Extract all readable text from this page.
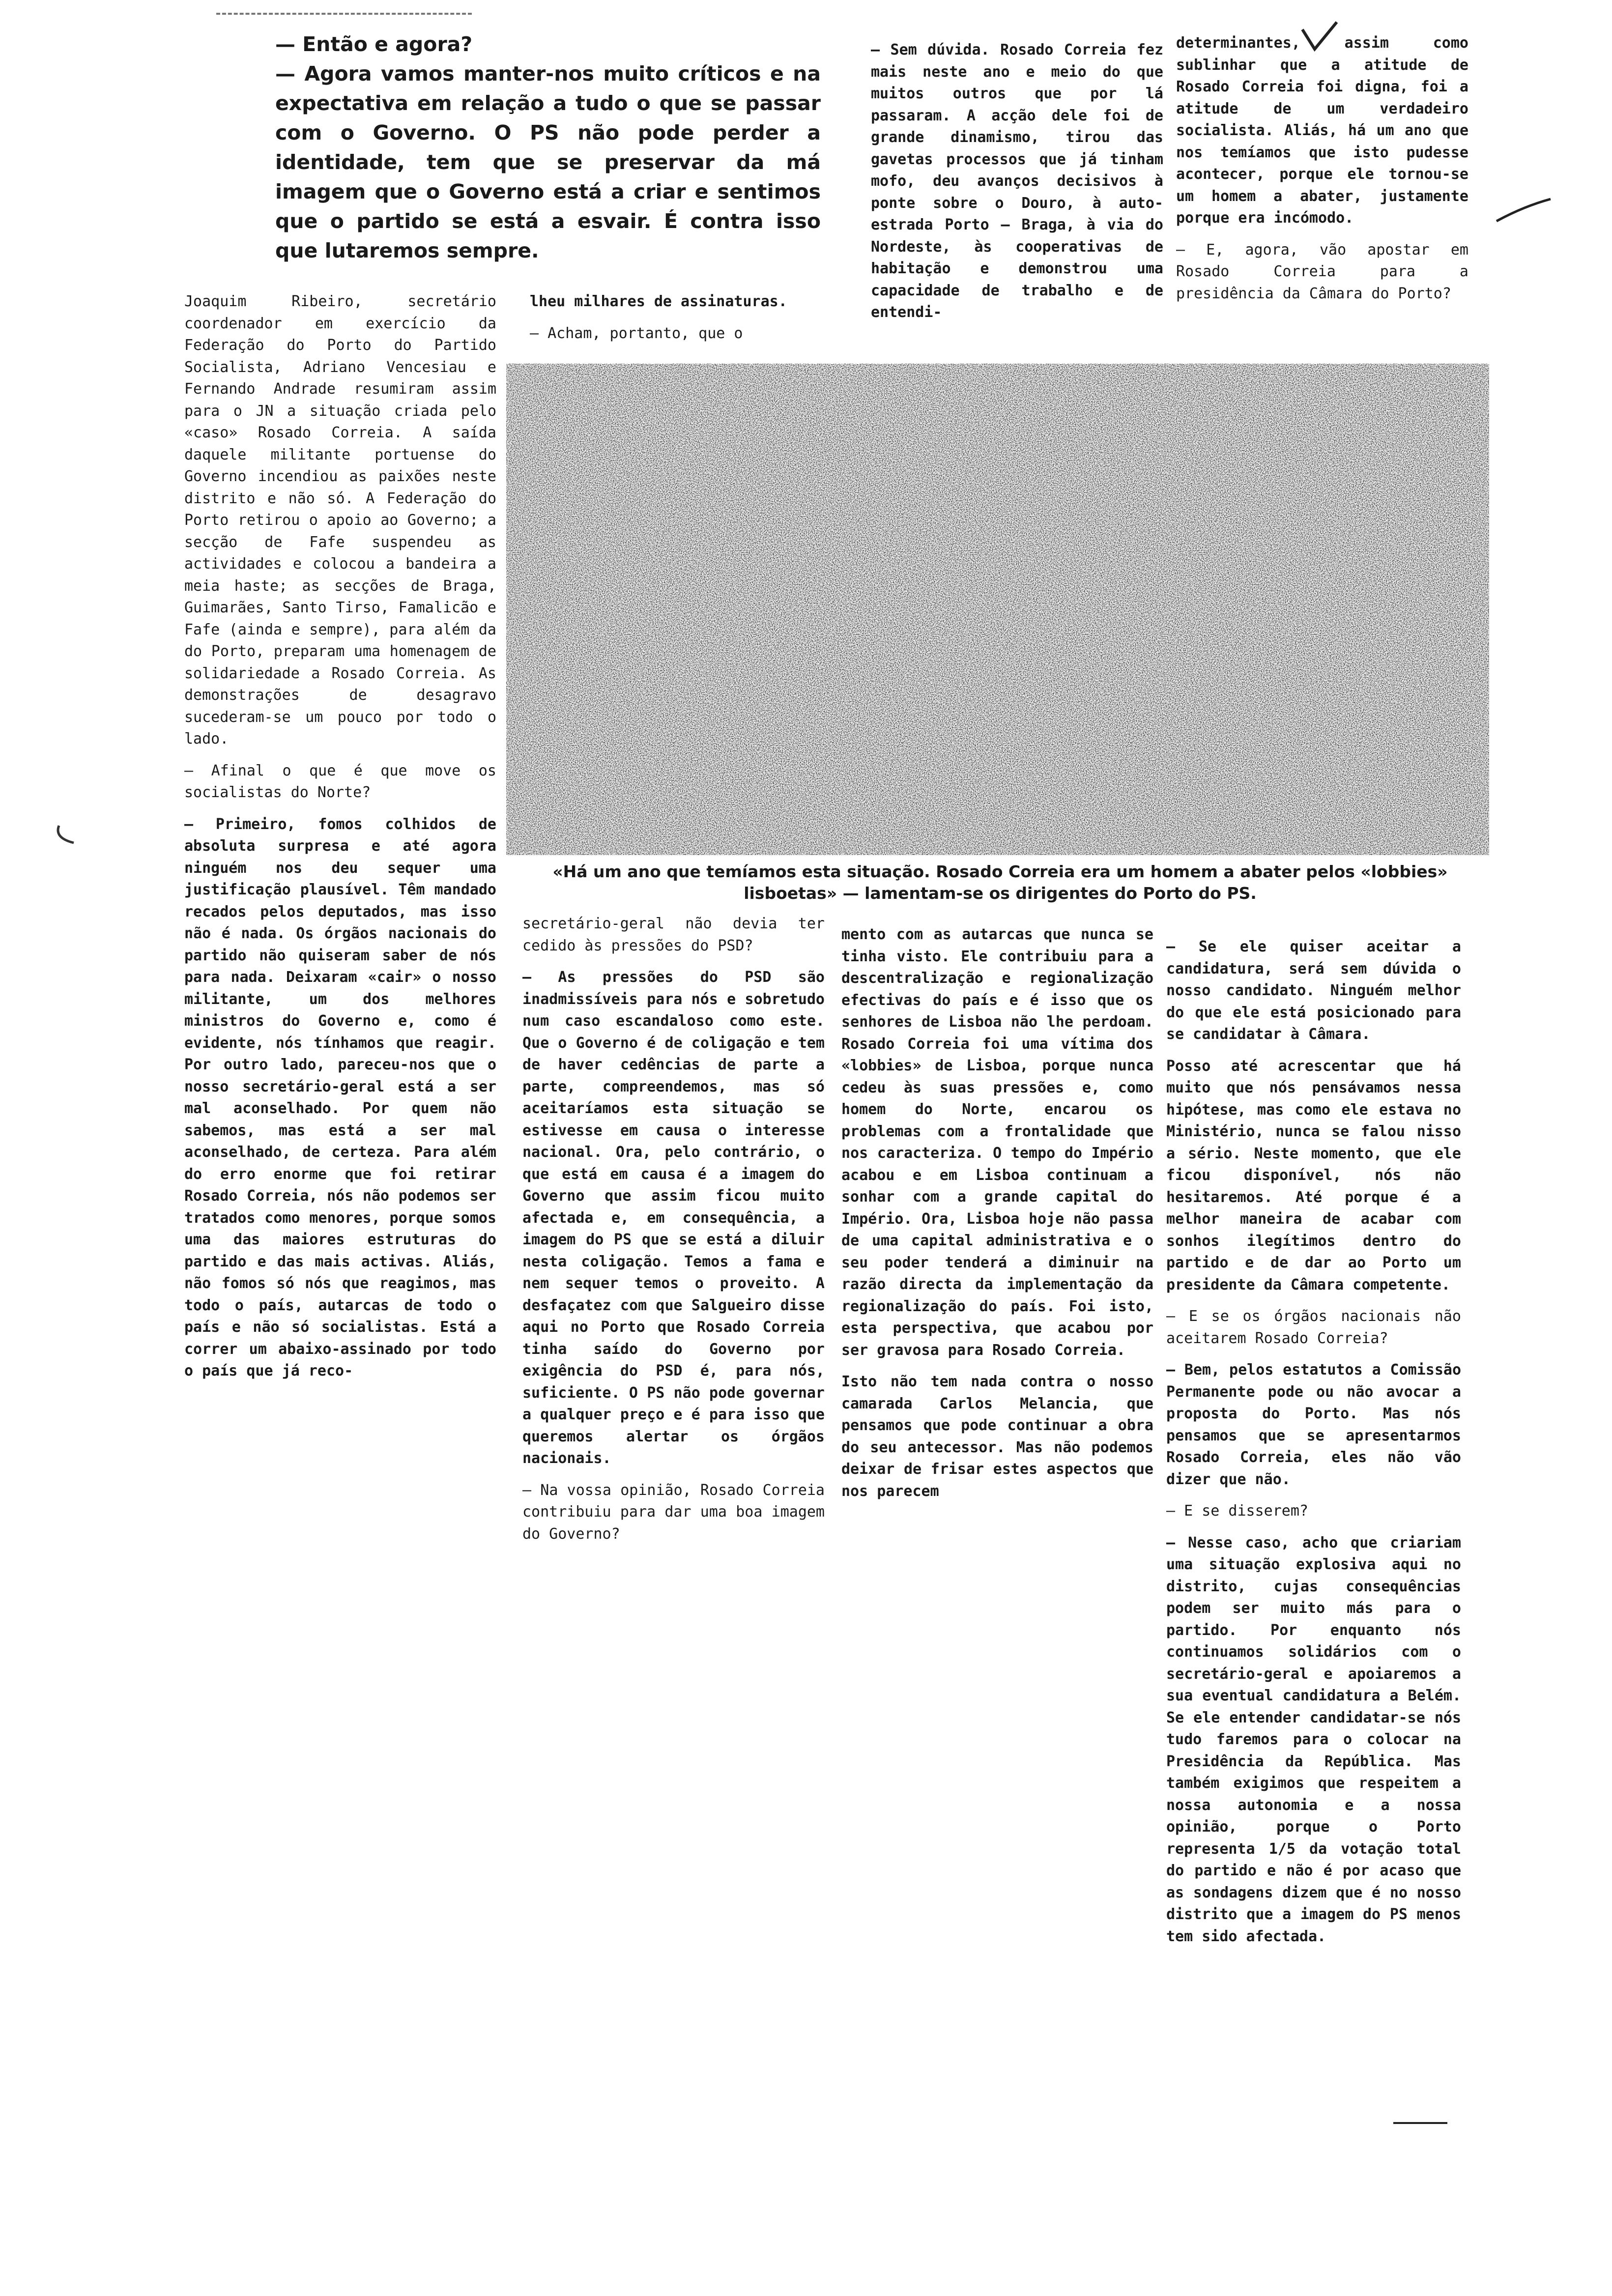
— Então e agora?

— Agora vamos manter-nos muito críticos e na expectativa em relação a tudo o que se passar com o Governo. O PS não pode perder a identidade, tem que se preservar da má imagem que o Governo está a criar e sentimos que o partido se está a esvair. É contra isso que lutaremos sempre.

Joaquim Ribeiro, secretário coordenador em exercício da Federação do Porto do Partido Socialista, Adriano Vencesiau e Fernando Andrade resumiram assim para o JN a situação criada pelo «caso» Rosado Correia. A saída daquele militante portuense do Governo incendiou as paixões neste distrito e não só. A Federação do Porto retirou o apoio ao Governo; a secção de Fafe suspendeu as actividades e colocou a bandeira a meia haste; as secções de Braga, Guimarães, Santo Tirso, Famalicão e Fafe (ainda e sempre), para além da do Porto, preparam uma homenagem de solidariedade a Rosado Correia. As demonstrações de desagravo sucederam-se um pouco por todo o lado.

— Afinal o que é que move os socialistas do Norte?

— Primeiro, fomos colhidos de absoluta surpresa e até agora ninguém nos deu sequer uma justificação plausível. Têm mandado recados pelos deputados, mas isso não é nada. Os órgãos nacionais do partido não quiseram saber de nós para nada. Deixaram «cair» o nosso militante, um dos melhores ministros do Governo e, como é evidente, nós tínhamos que reagir. Por outro lado, pareceu-nos que o nosso secretário-geral está a ser mal aconselhado. Por quem não sabemos, mas está a ser mal aconselhado, de certeza. Para além do erro enorme que foi retirar Rosado Correia, nós não podemos ser tratados como menores, porque somos uma das maiores estruturas do partido e das mais activas. Aliás, não fomos só nós que reagimos, mas todo o país, autarcas de todo o país e não só socialistas. Está a correr um abaixo-assinado por todo o país que já reco-

lheu milhares de assinaturas.

— Acham, portanto, que o

secretário-geral não devia ter cedido às pressões do PSD?

— As pressões do PSD são inadmissíveis para nós e sobretudo num caso escandaloso como este. Que o Governo é de coligação e tem de haver cedências de parte a parte, compreendemos, mas só aceitaríamos esta situação se estivesse em causa o interesse nacional. Ora, pelo contrário, o que está em causa é a imagem do Governo que assim ficou muito afectada e, em consequência, a imagem do PS que se está a diluir nesta coligação. Temos a fama e nem sequer temos o proveito. A desfaçatez com que Salgueiro disse aqui no Porto que Rosado Correia tinha saído do Governo por exigência do PSD é, para nós, suficiente. O PS não pode governar a qualquer preço e é para isso que queremos alertar os órgãos nacionais.

— Na vossa opinião, Rosado Correia contribuiu para dar uma boa imagem do Governo?

— Sem dúvida. Rosado Correia fez mais neste ano e meio do que muitos outros que por lá passaram. A acção dele foi de grande dinamismo, tirou das gavetas processos que já tinham mofo, deu avanços decisivos à ponte sobre o Douro, à auto-estrada Porto – Braga, à via do Nordeste, às cooperativas de habitação e demonstrou uma capacidade de trabalho e de entendi-

mento com as autarcas que nunca se tinha visto. Ele contribuiu para a descentralização e regionalização efectivas do país e é isso que os senhores de Lisboa não lhe perdoam. Rosado Correia foi uma vítima dos «lobbies» de Lisboa, porque nunca cedeu às suas pressões e, como homem do Norte, encarou os problemas com a frontalidade que nos caracteriza. O tempo do Império acabou e em Lisboa continuam a sonhar com a grande capital do Império. Ora, Lisboa hoje não passa de uma capital administrativa e o seu poder tenderá a diminuir na razão directa da implementação da regionalização do país. Foi isto, esta perspectiva, que acabou por ser gravosa para Rosado Correia.

Isto não tem nada contra o nosso camarada Carlos Melancia, que pensamos que pode continuar a obra do seu antecessor. Mas não podemos deixar de frisar estes aspectos que nos parecem

determinantes, assim como sublinhar que a atitude de Rosado Correia foi digna, foi a atitude de um verdadeiro socialista. Aliás, há um ano que nos temíamos que isto pudesse acontecer, porque ele tornou-se um homem a abater, justamente porque era incómodo.

— E, agora, vão apostar em Rosado Correia para a presidência da Câmara do Porto?

— Se ele quiser aceitar a candidatura, será sem dúvida o nosso candidato. Ninguém melhor do que ele está posicionado para se candidatar à Câmara.

Posso até acrescentar que há muito que nós pensávamos nessa hipótese, mas como ele estava no Ministério, nunca se falou nisso a sério. Neste momento, que ele ficou disponível, nós não hesitaremos. Até porque é a melhor maneira de acabar com sonhos ilegítimos dentro do partido e de dar ao Porto um presidente da Câmara competente.

— E se os órgãos nacionais não aceitarem Rosado Correia?

— Bem, pelos estatutos a Comissão Permanente pode ou não avocar a proposta do Porto. Mas nós pensamos que se apresentarmos Rosado Correia, eles não vão dizer que não.

— E se disserem?

— Nesse caso, acho que criariam uma situação explosiva aqui no distrito, cujas consequências podem ser muito más para o partido. Por enquanto nós continuamos solidários com o secretário-geral e apoiaremos a sua eventual candidatura a Belém. Se ele entender candidatar-se nós tudo faremos para o colocar na Presidência da República. Mas também exigimos que respeitem a nossa autonomia e a nossa opinião, porque o Porto representa 1/5 da votação total do partido e não é por acaso que as sondagens dizem que é no nosso distrito que a imagem do PS menos tem sido afectada.

«Há um ano que temíamos esta situação. Rosado Correia era um homem a abater pelos «lobbies» lisboetas» — lamentam-se os dirigentes do Porto do PS.
